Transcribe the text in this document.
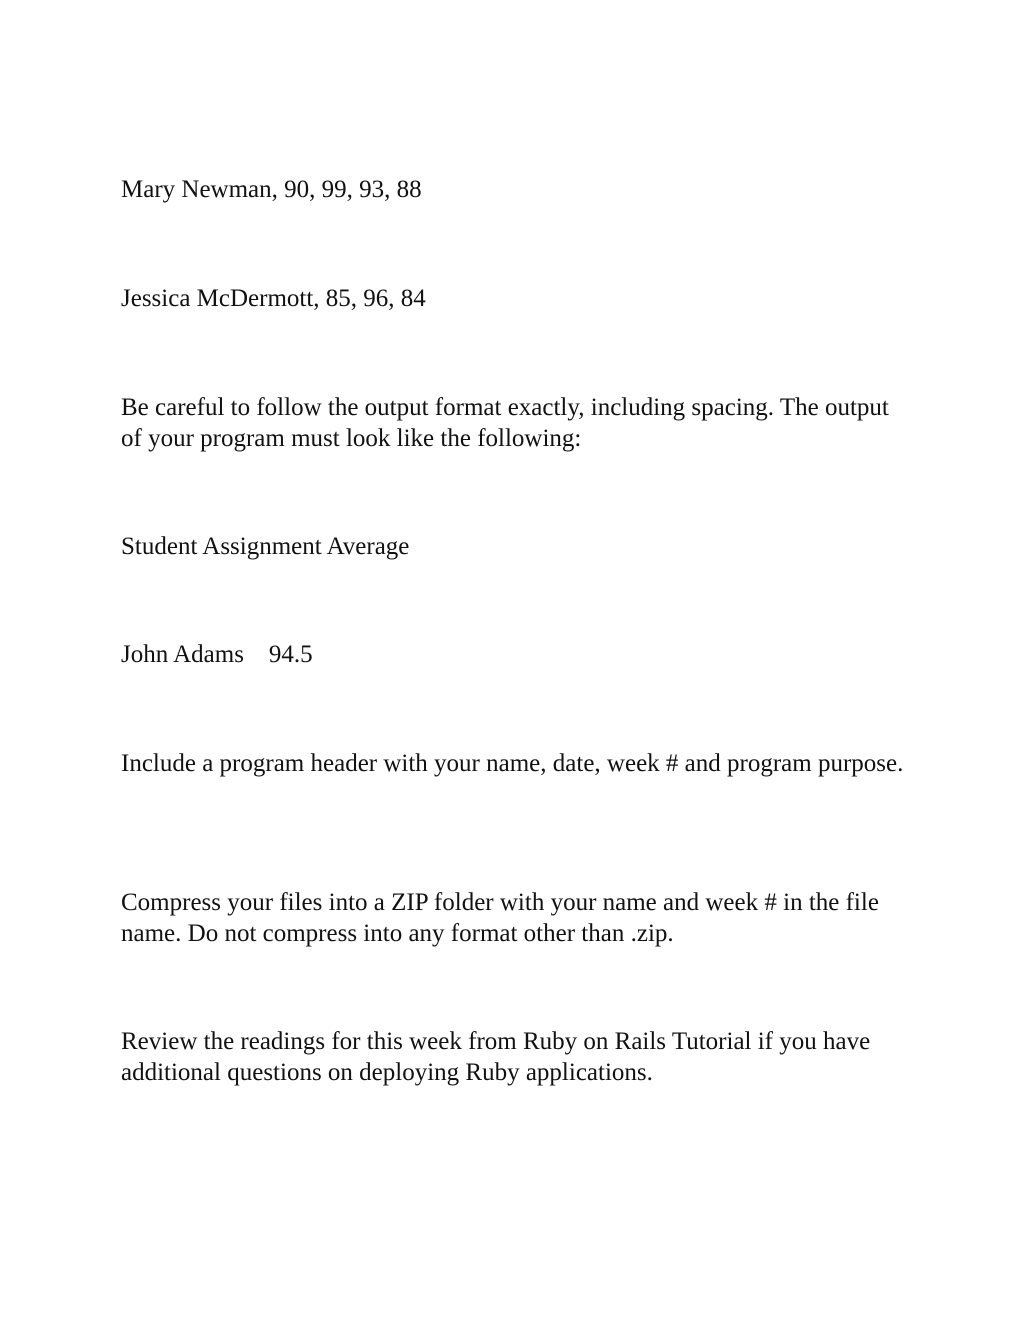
Mary Newman, 90, 99, 93, 88

Jessica McDermott, 85, 96, 84

Be careful to follow the output format exactly, including spacing. The output of your program must look like the following:

Student Assignment Average

John Adams    94.5

Include a program header with your name, date, week # and program purpose.

Compress your files into a ZIP folder with your name and week # in the file name. Do not compress into any format other than .zip.

Review the readings for this week from Ruby on Rails Tutorial if you have additional questions on deploying Ruby applications.
